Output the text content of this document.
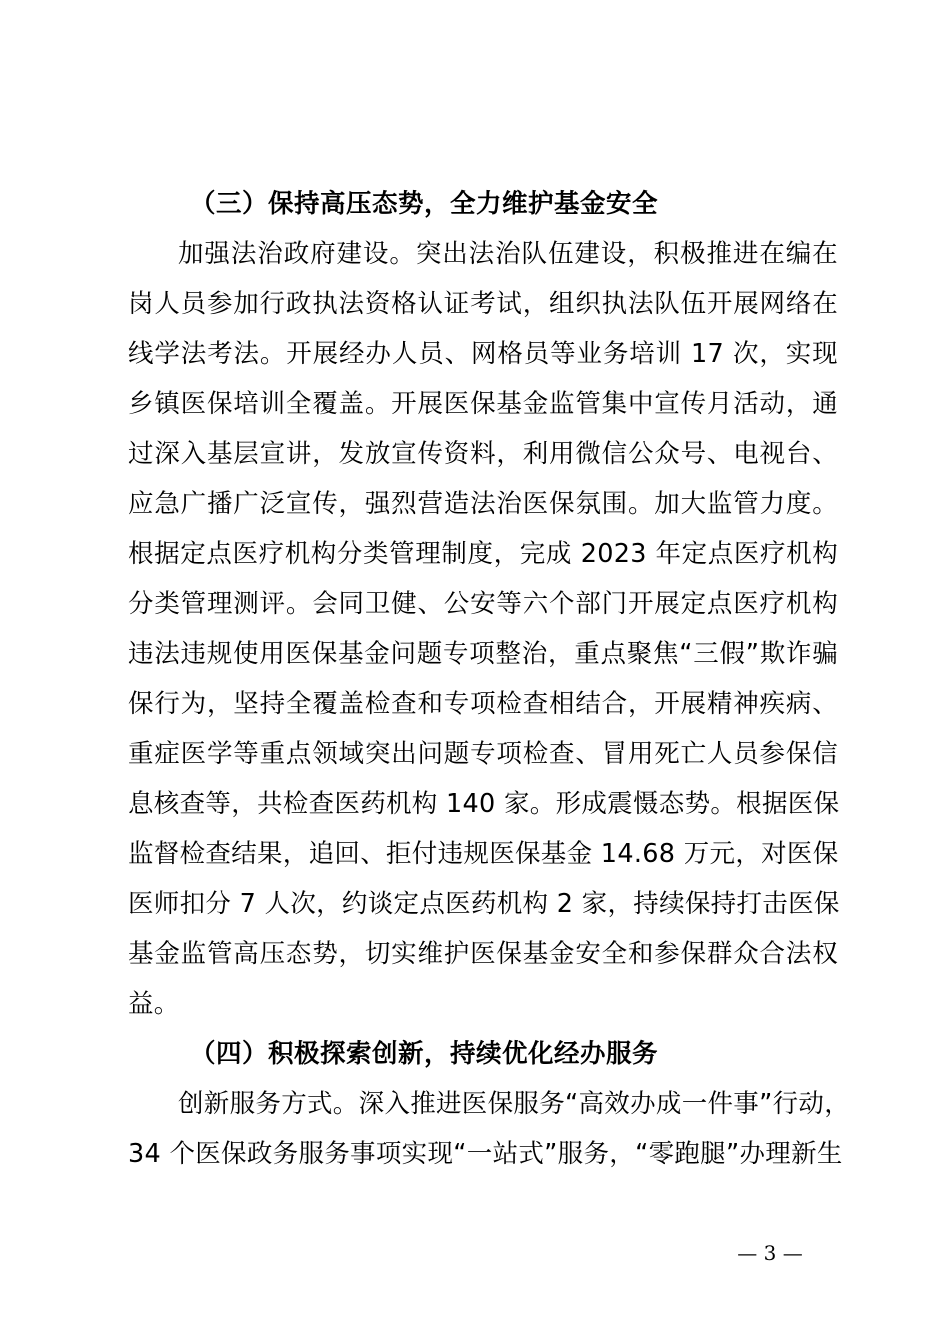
（三）保持高压态势，全力维护基金安全
加强法治政府建设。突出法治队伍建设，积极推进在编在
岗人员参加行政执法资格认证考试，组织执法队伍开展网络在
线学法考法。开展经办人员、网格员等业务培训 17 次，实现
乡镇医保培训全覆盖。开展医保基金监管集中宣传月活动，通
过深入基层宣讲，发放宣传资料，利用微信公众号、电视台、
应急广播广泛宣传，强烈营造法治医保氛围。加大监管力度。
根据定点医疗机构分类管理制度，完成 2023 年定点医疗机构
分类管理测评。会同卫健、公安等六个部门开展定点医疗机构
违法违规使用医保基金问题专项整治，重点聚焦“三假”欺诈骗
保行为，坚持全覆盖检查和专项检查相结合，开展精神疾病、
重症医学等重点领域突出问题专项检查、冒用死亡人员参保信
息核查等，共检查医药机构 140 家。形成震慑态势。根据医保
监督检查结果，追回、拒付违规医保基金 14.68 万元，对医保
医师扣分 7 人次，约谈定点医药机构 2 家，持续保持打击医保
基金监管高压态势，切实维护医保基金安全和参保群众合法权
益。
（四）积极探索创新，持续优化经办服务
创新服务方式。深入推进医保服务“高效办成一件事”行动，
34 个医保政务服务事项实现“一站式”服务，“零跑腿”办理新生
— 3 —
